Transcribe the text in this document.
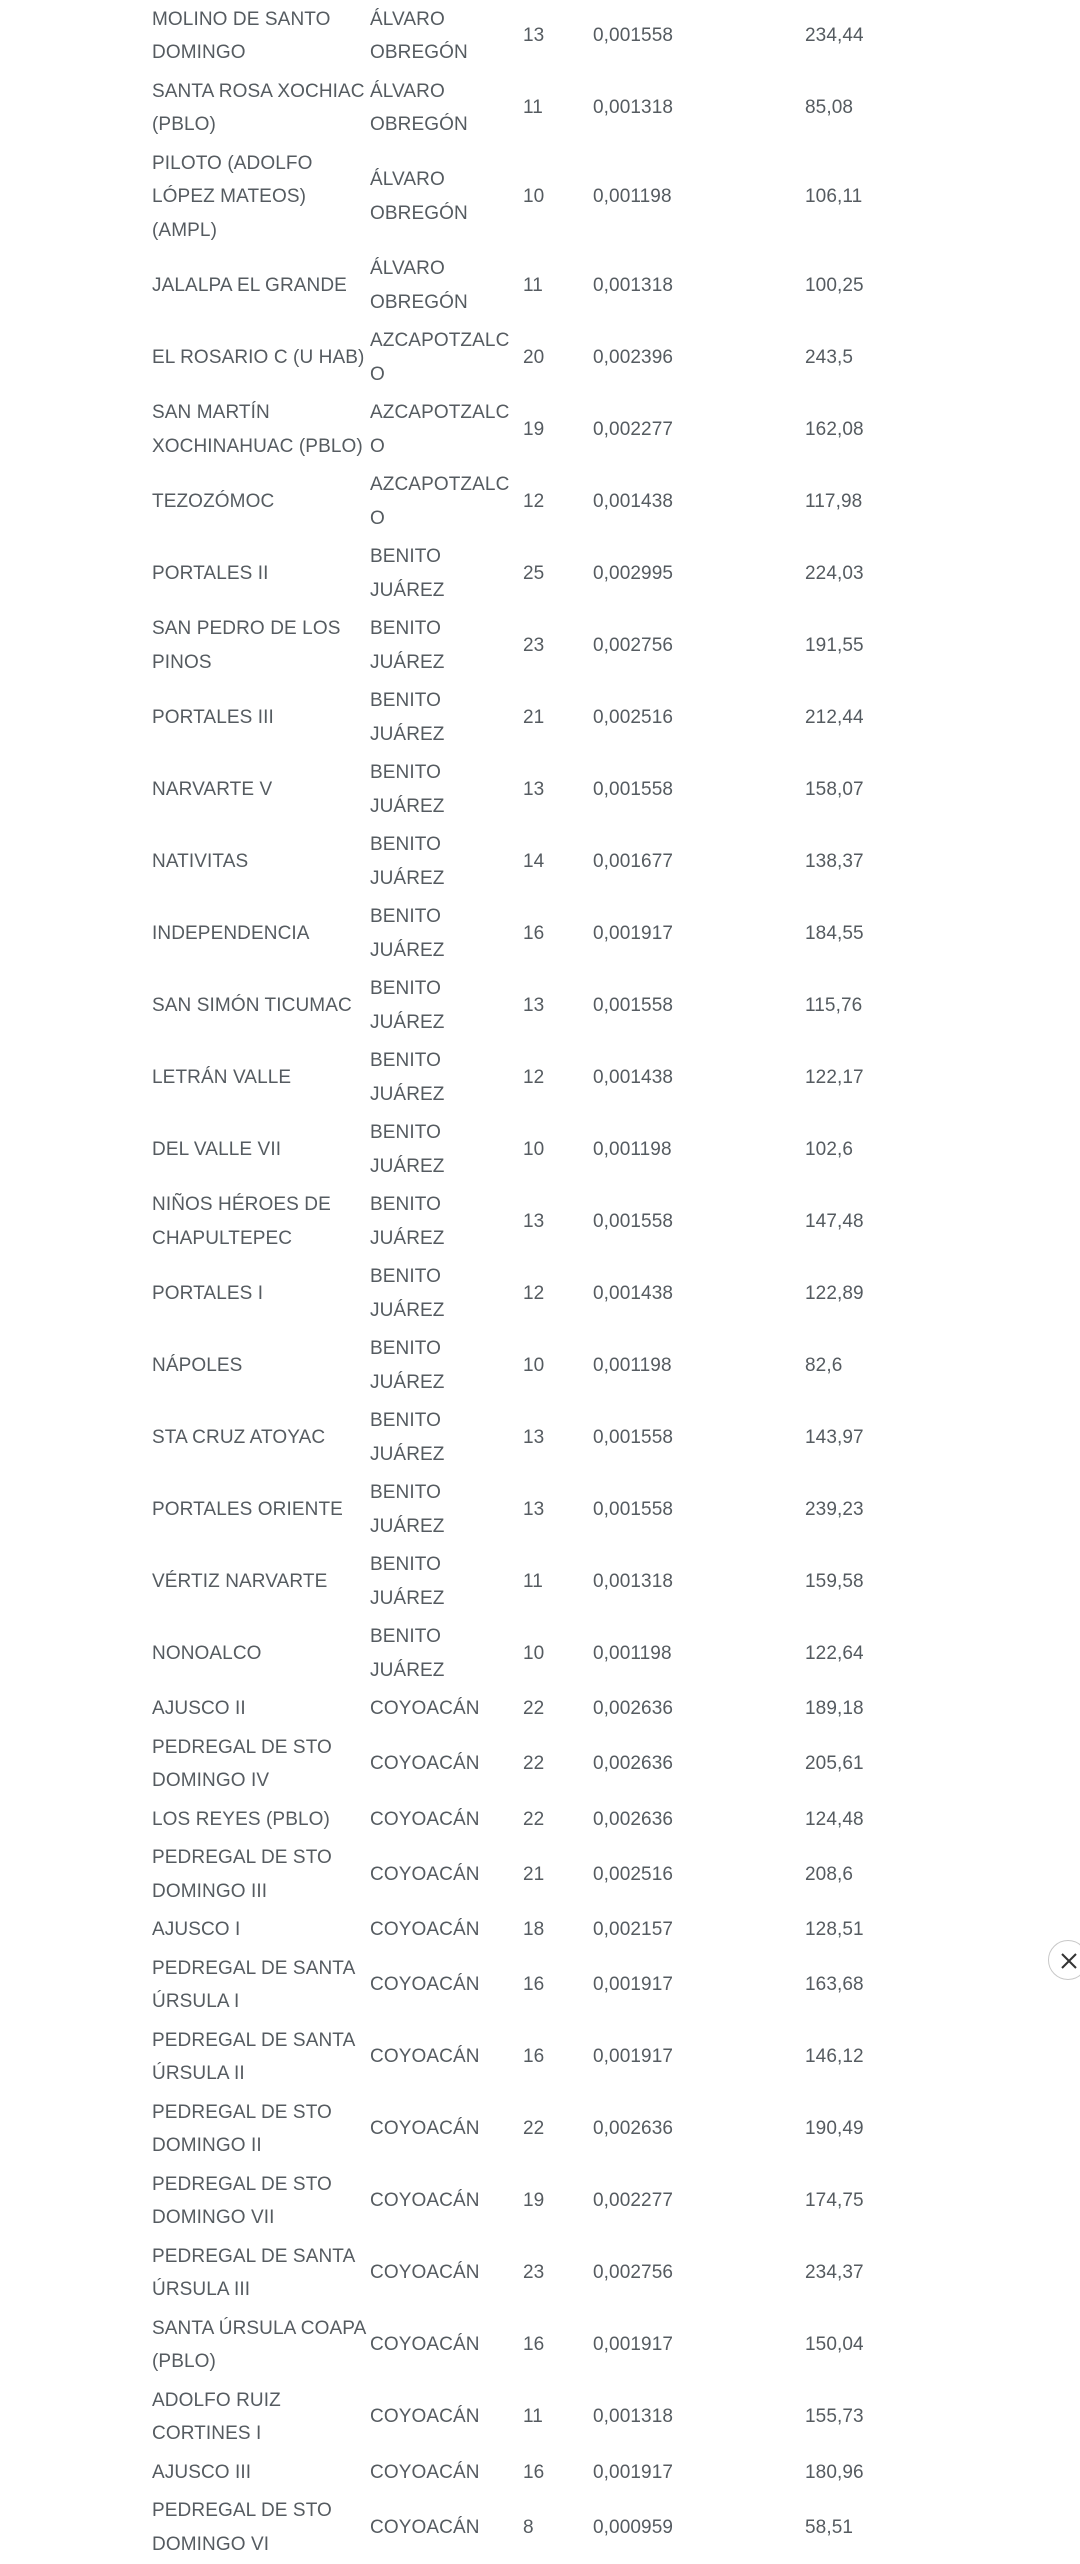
MOLINO DE SANTO DOMINGO	ÁLVARO OBREGÓN	13	0,001558	234,44
SANTA ROSA XOCHIAC (PBLO)	ÁLVARO OBREGÓN	11	0,001318	85,08
PILOTO (ADOLFO LÓPEZ MATEOS) (AMPL)	ÁLVARO OBREGÓN	10	0,001198	106,11
JALALPA EL GRANDE	ÁLVARO OBREGÓN	11	0,001318	100,25
EL ROSARIO C (U HAB)	AZCAPOTZALCO	20	0,002396	243,5
SAN MARTÍN XOCHINAHUAC (PBLO)	AZCAPOTZALCO	19	0,002277	162,08
TEZOZÓMOC	AZCAPOTZALCO	12	0,001438	117,98
PORTALES II	BENITO JUÁREZ	25	0,002995	224,03
SAN PEDRO DE LOS PINOS	BENITO JUÁREZ	23	0,002756	191,55
PORTALES III	BENITO JUÁREZ	21	0,002516	212,44
NARVARTE V	BENITO JUÁREZ	13	0,001558	158,07
NATIVITAS	BENITO JUÁREZ	14	0,001677	138,37
INDEPENDENCIA	BENITO JUÁREZ	16	0,001917	184,55
SAN SIMÓN TICUMAC	BENITO JUÁREZ	13	0,001558	115,76
LETRÁN VALLE	BENITO JUÁREZ	12	0,001438	122,17
DEL VALLE VII	BENITO JUÁREZ	10	0,001198	102,6
NIÑOS HÉROES DE CHAPULTEPEC	BENITO JUÁREZ	13	0,001558	147,48
PORTALES I	BENITO JUÁREZ	12	0,001438	122,89
NÁPOLES	BENITO JUÁREZ	10	0,001198	82,6
STA CRUZ ATOYAC	BENITO JUÁREZ	13	0,001558	143,97
PORTALES ORIENTE	BENITO JUÁREZ	13	0,001558	239,23
VÉRTIZ NARVARTE	BENITO JUÁREZ	11	0,001318	159,58
NONOALCO	BENITO JUÁREZ	10	0,001198	122,64
AJUSCO II	COYOACÁN	22	0,002636	189,18
PEDREGAL DE STO DOMINGO IV	COYOACÁN	22	0,002636	205,61
LOS REYES (PBLO)	COYOACÁN	22	0,002636	124,48
PEDREGAL DE STO DOMINGO III	COYOACÁN	21	0,002516	208,6
AJUSCO I	COYOACÁN	18	0,002157	128,51
PEDREGAL DE SANTA ÚRSULA I	COYOACÁN	16	0,001917	163,68
PEDREGAL DE SANTA ÚRSULA II	COYOACÁN	16	0,001917	146,12
PEDREGAL DE STO DOMINGO II	COYOACÁN	22	0,002636	190,49
PEDREGAL DE STO DOMINGO VII	COYOACÁN	19	0,002277	174,75
PEDREGAL DE SANTA ÚRSULA III	COYOACÁN	23	0,002756	234,37
SANTA ÚRSULA COAPA (PBLO)	COYOACÁN	16	0,001917	150,04
ADOLFO RUIZ CORTINES I	COYOACÁN	11	0,001318	155,73
AJUSCO III	COYOACÁN	16	0,001917	180,96
PEDREGAL DE STO DOMINGO VI	COYOACÁN	8	0,000959	58,51
